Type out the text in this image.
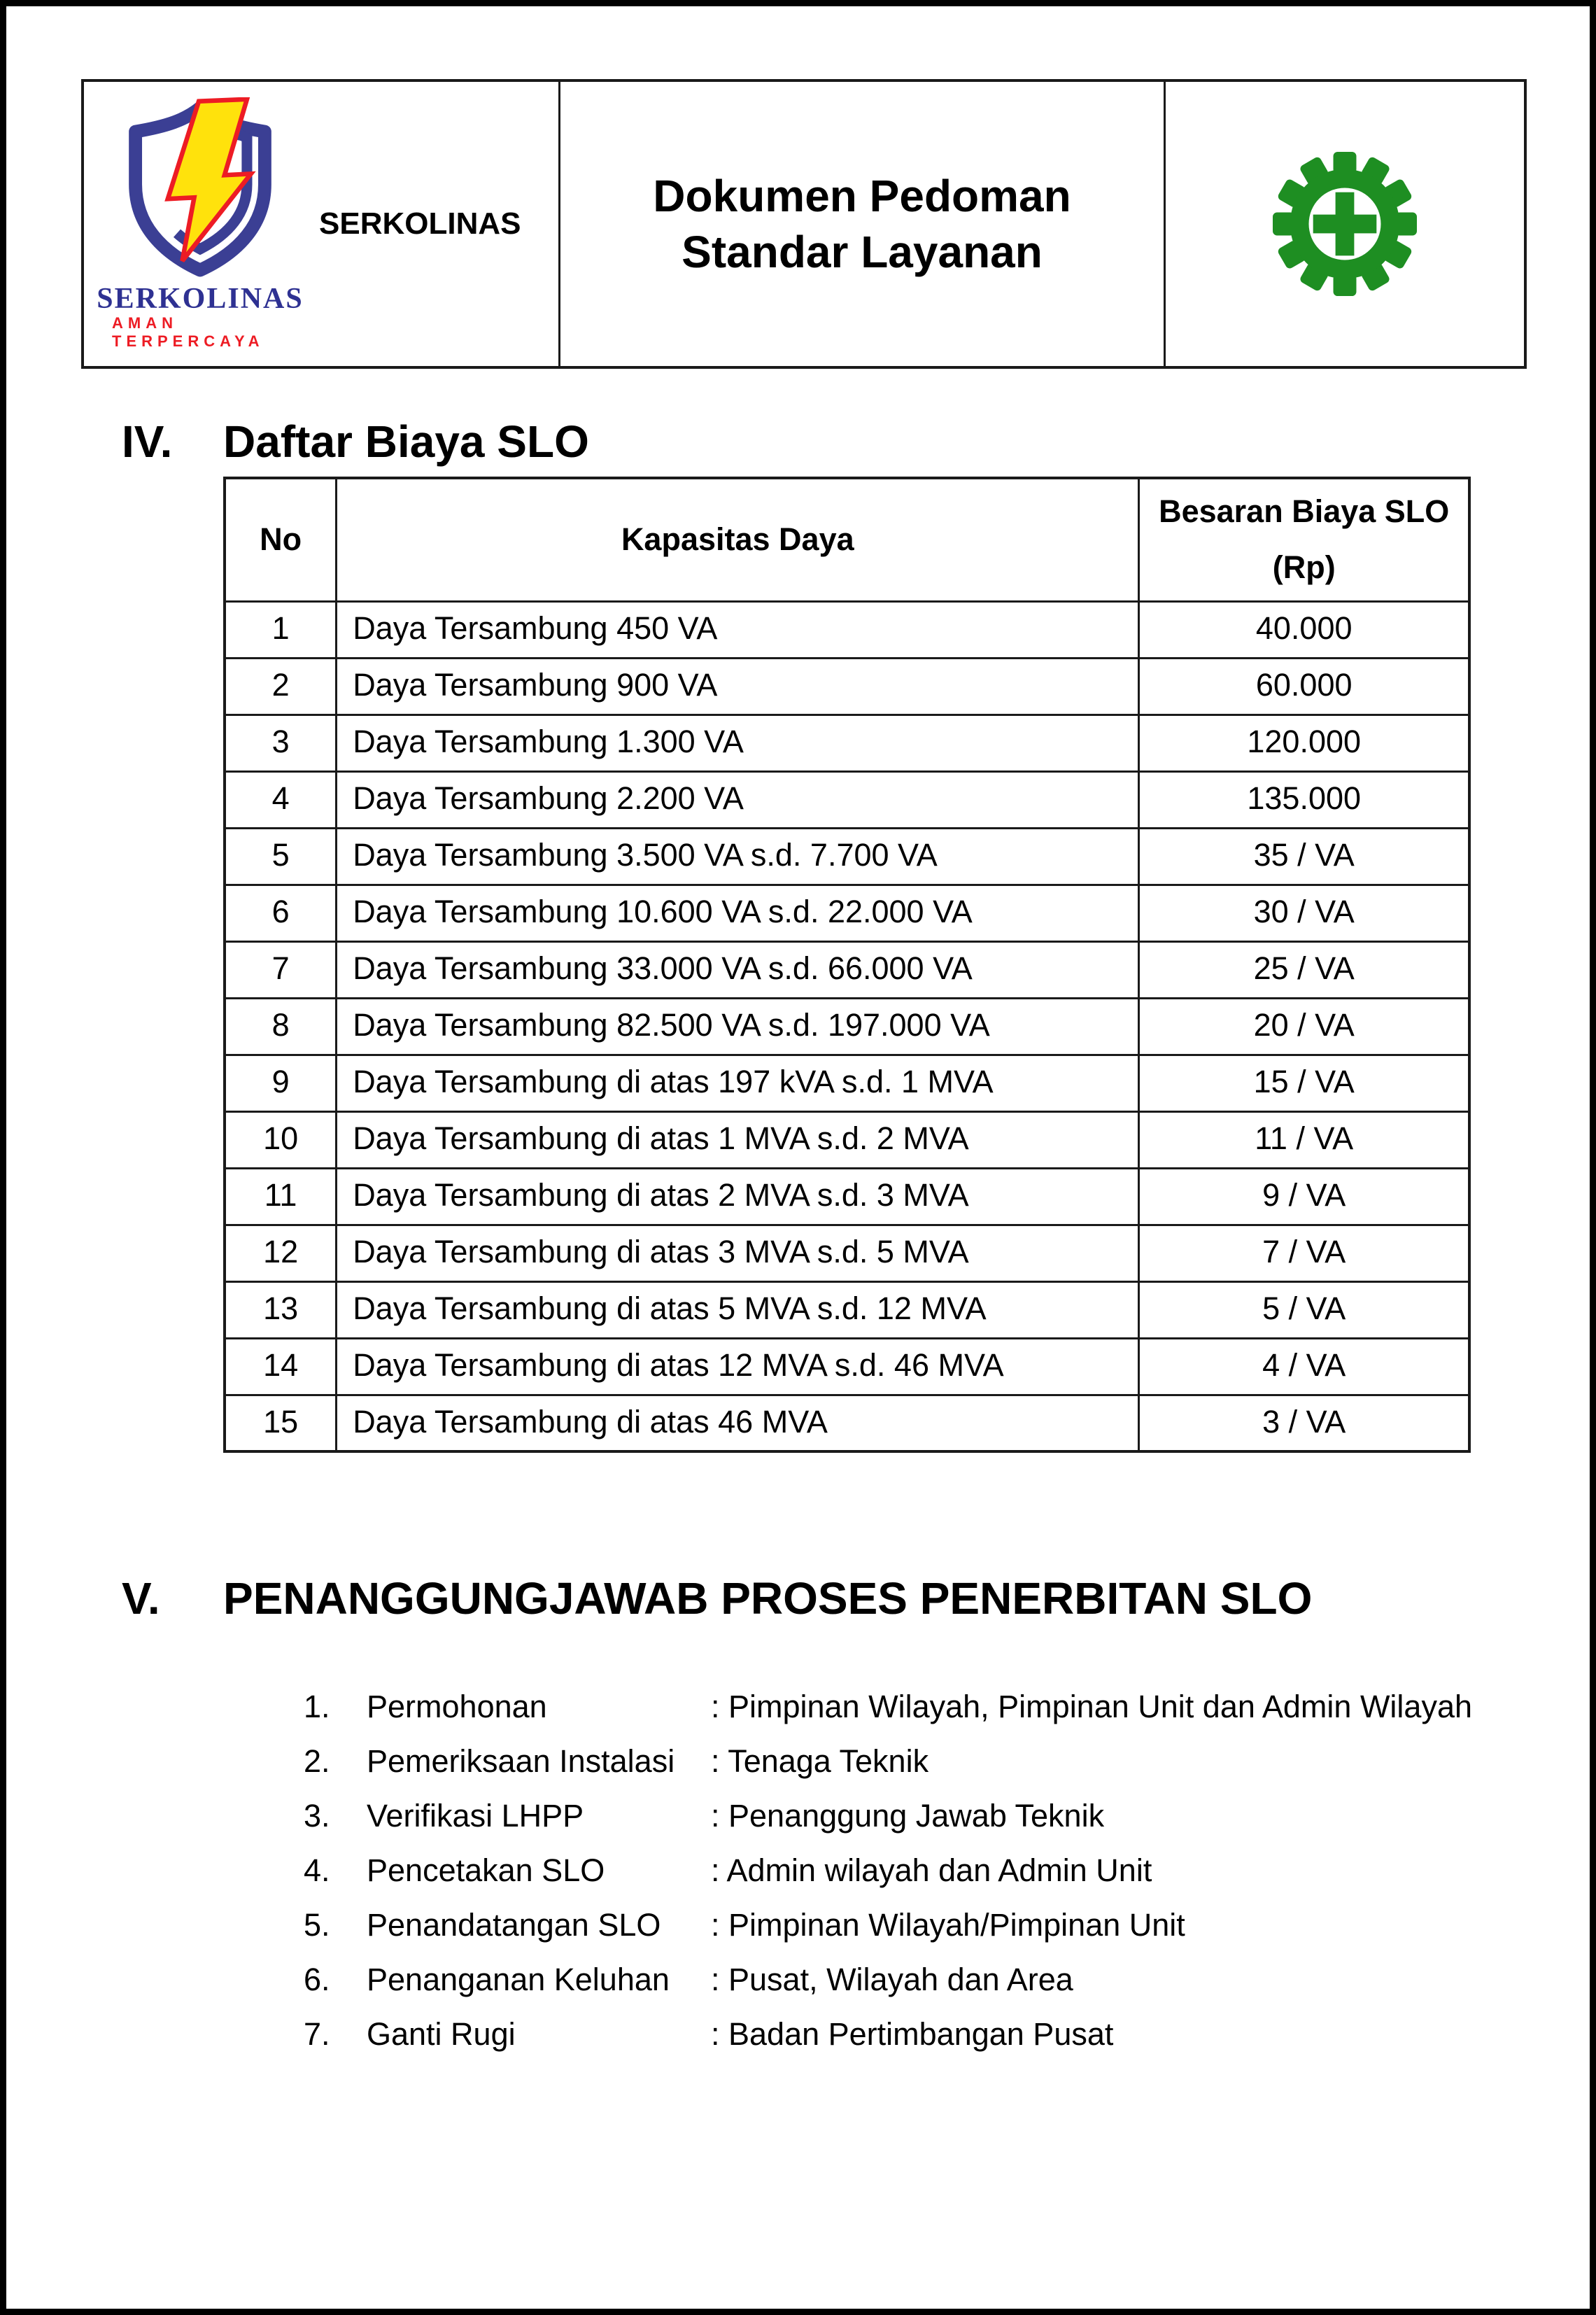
SERKOLINAS
AMAN TERPERCAYA
SERKOLINAS
Dokumen Pedoman
Standar Layanan
IV.	Daftar Biaya SLO
No	Kapasitas Daya	Besaran Biaya SLO
(Rp)

1	Daya Tersambung 450 VA	40.000
2	Daya Tersambung 900 VA	60.000
3	Daya Tersambung 1.300 VA	120.000
4	Daya Tersambung 2.200 VA	135.000
5	Daya Tersambung 3.500 VA s.d. 7.700 VA	35 / VA
6	Daya Tersambung 10.600 VA s.d. 22.000 VA	30 / VA
7	Daya Tersambung 33.000 VA s.d. 66.000 VA	25 / VA
8	Daya Tersambung 82.500 VA s.d. 197.000 VA	20 / VA
9	Daya Tersambung di atas 197 kVA s.d. 1 MVA	15 / VA
10	Daya Tersambung di atas 1 MVA s.d. 2 MVA	11 / VA
11	Daya Tersambung di atas 2 MVA s.d. 3 MVA	9 / VA
12	Daya Tersambung di atas 3 MVA s.d. 5 MVA	7 / VA
13	Daya Tersambung di atas 5 MVA s.d. 12 MVA	5 / VA
14	Daya Tersambung di atas 12 MVA s.d. 46 MVA	4 / VA
15	Daya Tersambung di atas 46 MVA	3 / VA
V.	PENANGGUNGJAWAB PROSES PENERBITAN SLO
1.	Permohonan	: Pimpinan Wilayah, Pimpinan Unit dan Admin Wilayah
2.	Pemeriksaan Instalasi	: Tenaga Teknik
3.	Verifikasi LHPP	: Penanggung Jawab Teknik
4.	Pencetakan SLO	: Admin wilayah dan Admin Unit
5.	Penandatangan SLO	: Pimpinan Wilayah/Pimpinan Unit
6.	Penanganan Keluhan	: Pusat, Wilayah dan Area
7.	Ganti Rugi	: Badan Pertimbangan Pusat
